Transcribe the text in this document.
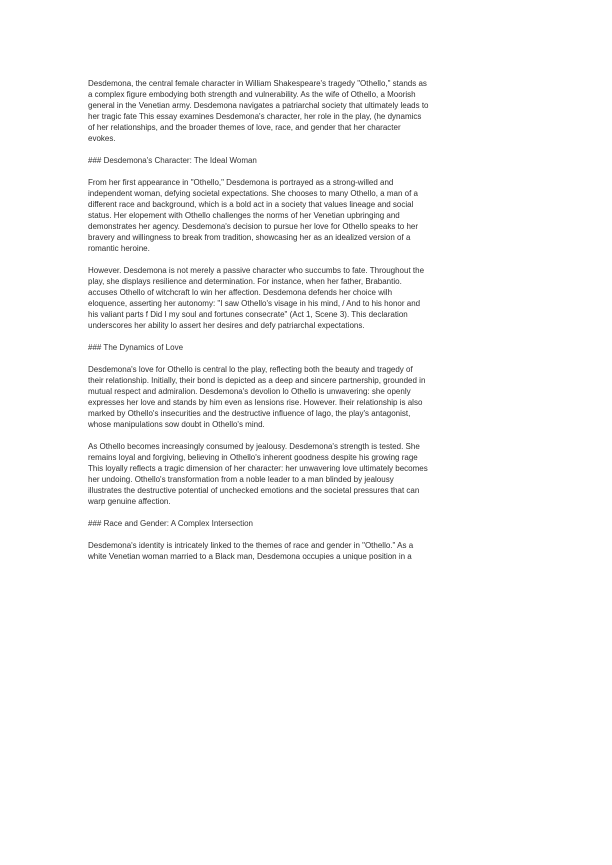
Desdemona, the central female character in William Shakespeare's tragedy "Othello," stands as
a complex figure embodying both strength and vulnerability. As the wife of Othello, a Moorish
general in the Venetian army. Desdemona navigates a patriarchal society that ultimately leads to
her tragic fate This essay examines Desdemona's character, her role in the play, (he dynamics
of her relationships, and the broader themes of love, race, and gender that her character
evokes.
### Desdemona's Character: The Ideal Woman
From her first appearance in "Othello," Desdemona is portrayed as a strong-willed and
independent woman, defying societal expectations. She chooses to many Othello, a man of a
different race and background, which is a bold act in a society that values lineage and social
status. Her elopement with Othello challenges the norms of her Venetian upbringing and
demonstrates her agency. Desdemona's decision to pursue her love for Othello speaks to her
bravery and willingness to break from tradition, showcasing her as an idealized version of a
romantic heroine.
However. Desdemona is not merely a passive character who succumbs to fate. Throughout the
play, she displays resilience and determination. For instance, when her father, Brabantio.
accuses Othello of witchcraft lo win her affection. Desdemona defends her choice wilh
eloquence, asserting her autonomy: "I saw Othello's visage in his mind, / And to his honor and
his valiant parts f Did I my soul and fortunes consecrate" (Act 1, Scene 3). This declaration
underscores her ability lo assert her desires and defy patriarchal expectations.
### The Dynamics of Love
Desdemona's love for Othello is central lo the play, reflecting both the beauty and tragedy of
their relationship. Initially, their bond is depicted as a deep and sincere partnership, grounded in
mutual respect and admiralion. Desdemona's devolion lo Othello is unwavering: she openly
expresses her love and stands by him even as lensions rise. However. lheir relationship is also
marked by Othello's insecurities and the destructive influence of lago, the play's antagonist,
whose manipulations sow doubt in Othello's mind.
As Othello becomes increasingly consumed by jealousy. Desdemona's strength is tested. She
remains loyal and forgiving, believing in Othello's inherent goodness despite his growing rage
This loyally reflects a tragic dimension of her character: her unwavering love ultimately becomes
her undoing. Othello's transformation from a noble leader to a man blinded by jealousy
illustrates the destructive potential of unchecked emotions and the societal pressures that can
warp genuine affection.
### Race and Gender: A Complex Intersection
Desdemona's identity is intricately linked to the themes of race and gender in "Othello." As a
white Venetian woman married to a Black man, Desdemona occupies a unique position in a
